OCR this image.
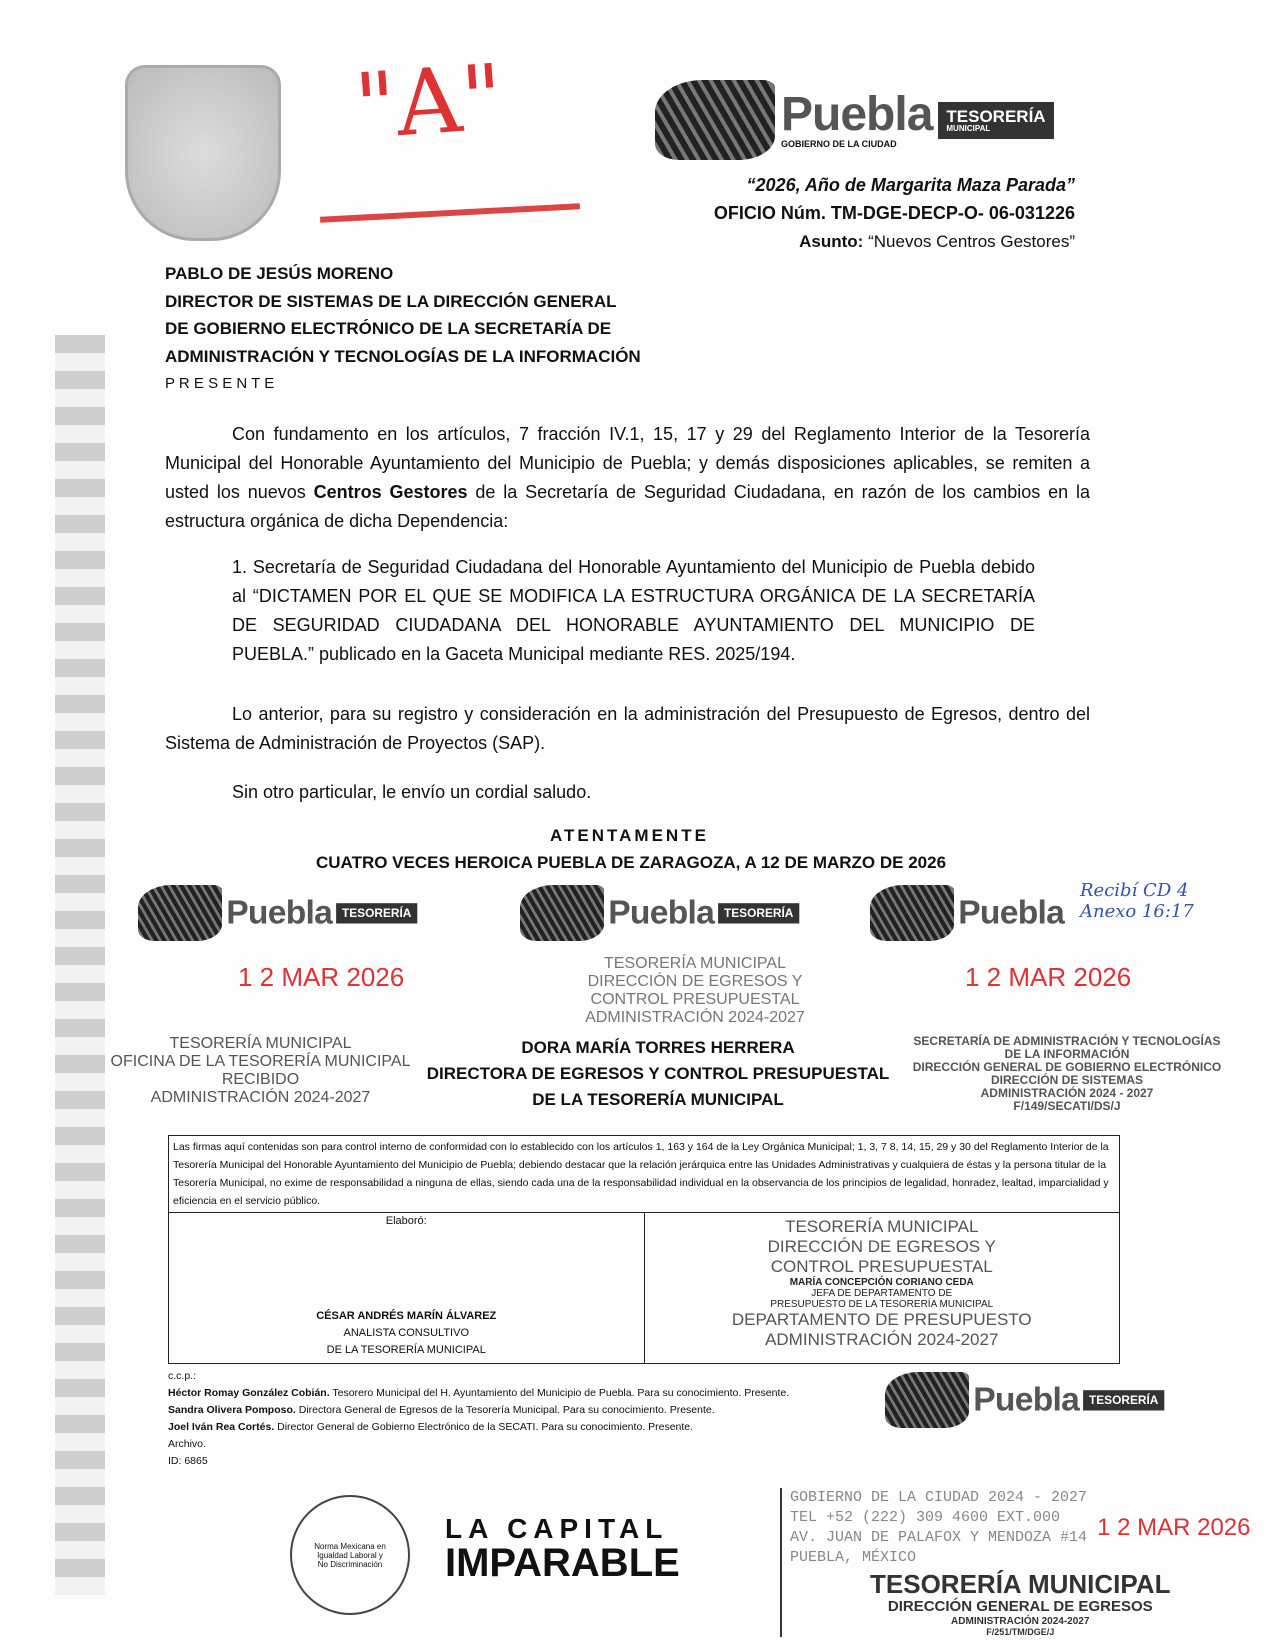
"A"	Puebla
GOBIERNO DE LA CIUDAD
TESORERÍA
MUNICIPAL
“2026, Año de Margarita Maza Parada”
OFICIO Núm. TM-DGE-DECP-O- 06-031226
Asunto: “Nuevos Centros Gestores”
PABLO DE JESÚS MORENO
DIRECTOR DE SISTEMAS DE LA DIRECCIÓN GENERAL
DE GOBIERNO ELECTRÓNICO DE LA SECRETARÍA DE
ADMINISTRACIÓN Y TECNOLOGÍAS DE LA INFORMACIÓN
P R E S E N T E
Con fundamento en los artículos, 7 fracción IV.1, 15, 17 y 29 del Reglamento Interior de la Tesorería Municipal del Honorable Ayuntamiento del Municipio de Puebla; y demás disposiciones aplicables, se remiten a usted los nuevos Centros Gestores de la Secretaría de Seguridad Ciudadana, en razón de los cambios en la estructura orgánica de dicha Dependencia:
1. Secretaría de Seguridad Ciudadana del Honorable Ayuntamiento del Municipio de Puebla debido al “DICTAMEN POR EL QUE SE MODIFICA LA ESTRUCTURA ORGÁNICA DE LA SECRETARÍA DE SEGURIDAD CIUDADANA DEL HONORABLE AYUNTAMIENTO DEL MUNICIPIO DE PUEBLA.” publicado en la Gaceta Municipal mediante RES. 2025/194.
Lo anterior, para su registro y consideración en la administración del Presupuesto de Egresos, dentro del Sistema de Administración de Proyectos (SAP).
Sin otro particular, le envío un cordial saludo.
ATENTAMENTE
CUATRO VECES HEROICA PUEBLA DE ZARAGOZA, A 12 DE MARZO DE 2026
Puebla TESORERÍA	Puebla TESORERÍA	Puebla
Recibí CD 4 Anexo 16:17
1 2 MAR 2026	TESORERÍA MUNICIPAL
DIRECCIÓN DE EGRESOS Y
CONTROL PRESUPUESTAL
ADMINISTRACIÓN 2024-2027
1 2 MAR 2026
TESORERÍA MUNICIPAL
OFICINA DE LA TESORERÍA MUNICIPAL
RECIBIDO
ADMINISTRACIÓN 2024-2027
DORA MARÍA TORRES HERRERA
DIRECTORA DE EGRESOS Y CONTROL PRESUPUESTAL
DE LA TESORERÍA MUNICIPAL
SECRETARÍA DE ADMINISTRACIÓN Y TECNOLOGÍAS
DE LA INFORMACIÓN
DIRECCIÓN GENERAL DE GOBIERNO ELECTRÓNICO
DIRECCIÓN DE SISTEMAS
ADMINISTRACIÓN 2024 - 2027
F/149/SECATI/DS/J
Las firmas aquí contenidas son para control interno de conformidad con lo establecido con los artículos 1, 163 y 164 de la Ley Orgánica Municipal; 1, 3, 7 8, 14, 15, 29 y 30 del Reglamento Interior de la Tesorería Municipal del Honorable Ayuntamiento del Municipio de Puebla; debiendo destacar que la relación jerárquica entre las Unidades Administrativas y cualquiera de éstas y la persona titular de la Tesorería Municipal, no exime de responsabilidad a ninguna de ellas, siendo cada una de la responsabilidad individual en la observancia de los principios de legalidad, honradez, lealtad, imparcialidad y eficiencia en el servicio público.
Elaboró:
CÉSAR ANDRÉS MARÍN ÁLVAREZ
ANALISTA CONSULTIVO
DE LA TESORERÍA MUNICIPAL
TESORERÍA MUNICIPAL
DIRECCIÓN DE EGRESOS Y
CONTROL PRESUPUESTAL
MARÍA CONCEPCIÓN CORIANO CEDA
JEFA DE DEPARTAMENTO DE
PRESUPUESTO DE LA TESORERÍA MUNICIPAL
DEPARTAMENTO DE PRESUPUESTO
ADMINISTRACIÓN 2024-2027
c.c.p.:
Héctor Romay González Cobián. Tesorero Municipal del H. Ayuntamiento del Municipio de Puebla. Para su conocimiento. Presente.
Sandra Olivera Pomposo. Directora General de Egresos de la Tesorería Municipal. Para su conocimiento. Presente.
Joel Iván Rea Cortés. Director General de Gobierno Electrónico de la SECATI. Para su conocimiento. Presente.
Archivo.
ID: 6865
Puebla TESORERÍA
GOBIERNO DE LA CIUDAD 2024 - 2027
TEL +52 (222) 309 4600 EXT.000
AV. JUAN DE PALAFOX Y MENDOZA #14
PUEBLA, MÉXICO
1 2 MAR 2026
TESORERÍA MUNICIPAL
DIRECCIÓN GENERAL DE EGRESOS
ADMINISTRACIÓN 2024-2027
F/251/TM/DGE/J
Norma Mexicana en Igualdad Laboral y No Discriminación
LA CAPITAL
IMPARABLE
